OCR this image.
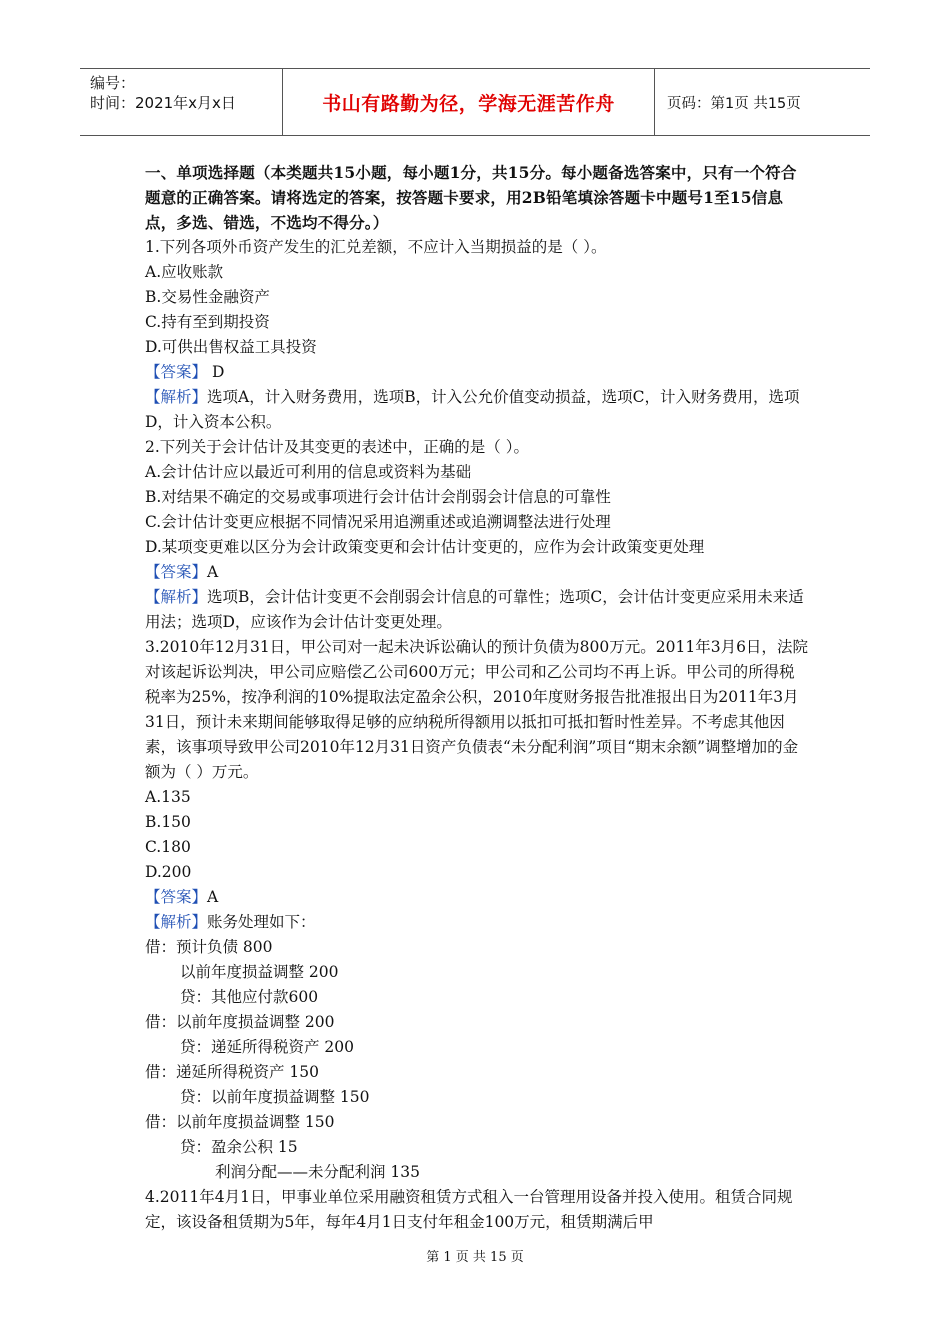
编号：
时间：2021年x月x日	书山有路勤为径，学海无涯苦作舟	页码：第1页 共15页

一、单项选择题（本类题共15小题，每小题1分，共15分。每小题备选答案中，只有一个符合题意的正确答案。请将选定的答案，按答题卡要求，用2B铅笔填涂答题卡中题号1至15信息点，多选、错选，不选均不得分。）

1.下列各项外币资产发生的汇兑差额，不应计入当期损益的是（ ）。

A.应收账款

B.交易性金融资产

C.持有至到期投资

D.可供出售权益工具投资

【答案】 D

【解析】选项A，计入财务费用，选项B，计入公允价值变动损益，选项C，计入财务费用，选项D，计入资本公积。

2.下列关于会计估计及其变更的表述中，正确的是（ ）。

A.会计估计应以最近可利用的信息或资料为基础

B.对结果不确定的交易或事项进行会计估计会削弱会计信息的可靠性

C.会计估计变更应根据不同情况采用追溯重述或追溯调整法进行处理

D.某项变更难以区分为会计政策变更和会计估计变更的，应作为会计政策变更处理

【答案】A

【解析】选项B，会计估计变更不会削弱会计信息的可靠性；选项C，会计估计变更应采用未来适用法；选项D，应该作为会计估计变更处理。

3.2010年12月31日，甲公司对一起未决诉讼确认的预计负债为800万元。2011年3月6日，法院对该起诉讼判决，甲公司应赔偿乙公司600万元；甲公司和乙公司均不再上诉。甲公司的所得税税率为25%，按净利润的10%提取法定盈余公积，2010年度财务报告批准报出日为2011年3月31日，预计未来期间能够取得足够的应纳税所得额用以抵扣可抵扣暂时性差异。不考虑其他因素，该事项导致甲公司2010年12月31日资产负债表“未分配利润”项目“期末余额”调整增加的金额为（ ）万元。

A.135

B.150

C.180

D.200

【答案】A

【解析】账务处理如下：

借：预计负债 800

以前年度损益调整 200

贷：其他应付款600

借：以前年度损益调整 200

贷：递延所得税资产 200

借：递延所得税资产 150

贷：以前年度损益调整 150

借：以前年度损益调整 150

贷：盈余公积 15

利润分配——未分配利润 135

4.2011年4月1日，甲事业单位采用融资租赁方式租入一台管理用设备并投入使用。租赁合同规定，该设备租赁期为5年，每年4月1日支付年租金100万元，租赁期满后甲

第 1 页 共 15 页
